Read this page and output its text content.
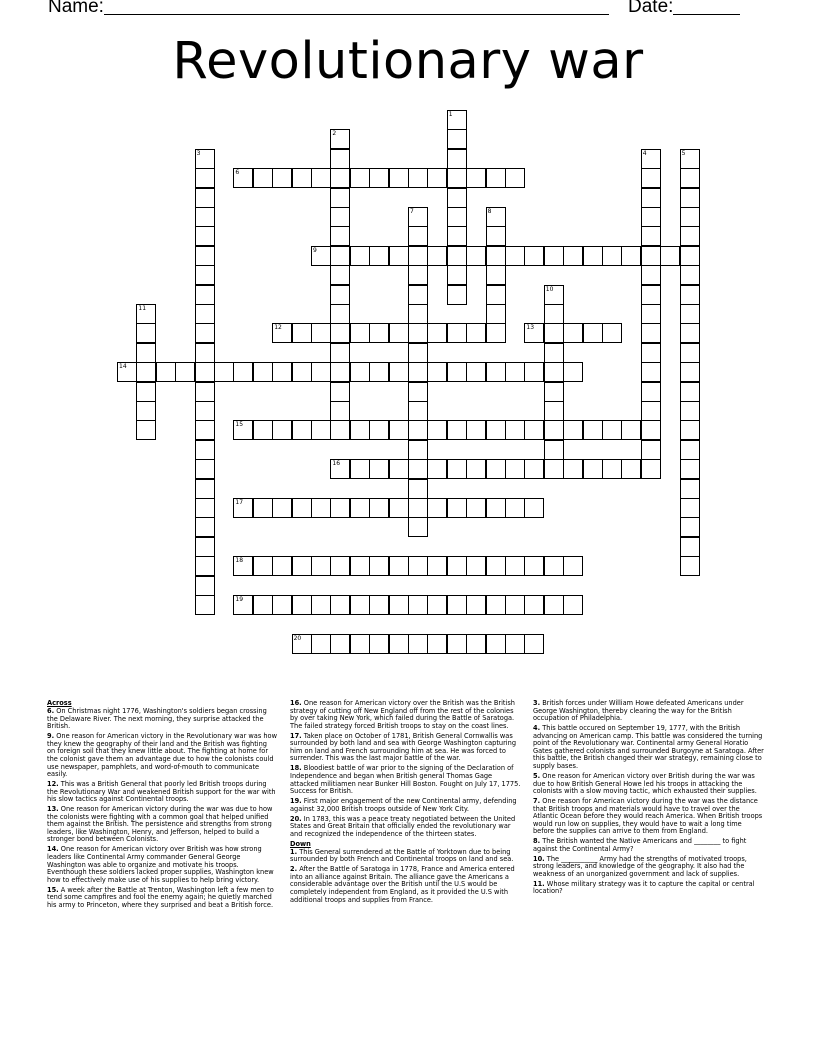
Name:	Date:
Revolutionary war
6
9
12	13
14
15
16
17
18
19
20
1
2
3	4	5
7	8
10
11
Across

6. On Christmas night 1776, Washington's soldiers began crossing the Delaware River. The next morning, they surprise attacked the British.

9. One reason for American victory in the Revolutionary war was how they knew the geography of their land and the British was fighting on foreign soil that they knew little about. The fighting at home for the colonist gave them an advantage due to how the colonists could use newspaper, pamphlets, and word-of-mouth to communicate easily.

12. This was a British General that poorly led British troops during the Revolutionary War and weakened British support for the war with his slow tactics against Continental troops.

13. One reason for American victory during the war was due to how the colonists were fighting with a common goal that helped unified them against the British. The persistence and strengths from strong leaders, like Washington, Henry, and Jefferson, helped to build a stronger bond between Colonists.

14. One reason for American victory over British was how strong leaders like Continental Army commander General George Washington was able to organize and motivate his troops. Eventhough these soldiers lacked proper supplies, Washington knew how to effectively make use of his supplies to help bring victory.

15. A week after the Battle at Trenton, Washington left a few men to tend some campfires and fool the enemy again; he quietly marched his army to Princeton, where they surprised and beat a British force.

16. One reason for American victory over the British was the British strategy of cutting off New England off from the rest of the colonies by over taking New York, which failed during the Battle of Saratoga. The failed strategy forced British troops to stay on the coast lines.

17. Taken place on October of 1781, British General Cornwallis was surrounded by both land and sea with George Washington capturing him on land and French surrounding him at sea. He was forced to surrender. This was the last major battle of the war.

18. Bloodiest battle of war prior to the signing of the Declaration of Independence and began when British general Thomas Gage attacked militiamen near Bunker Hill Boston. Fought on July 17, 1775. Success for British.

19. First major engagement of the new Continental army, defending against 32,000 British troops outside of New York City.

20. In 1783, this was a peace treaty negotiated between the United States and Great Britain that officially ended the revolutionary war and recognized the independence of the thirteen states.

Down

1. This General surrendered at the Battle of Yorktown due to being surrounded by both French and Continental troops on land and sea.

2. After the Battle of Saratoga in 1778, France and America entered into an alliance against Britain. The alliance gave the Americans a considerable advantage over the British until the U.S would be completely independent from England, as it provided the U.S with additional troops and supplies from France.

3. British forces under William Howe defeated Americans under George Washington, thereby clearing the way for the British occupation of Philadelphia.

4. This battle occured on September 19, 1777, with the British advancing on American camp. This battle was considered the turning point of the Revolutionary war. Continental army General Horatio Gates gathered colonists and surrounded Burgoyne at Saratoga. After this battle, the British changed their war strategy, remaining close to supply bases.

5. One reason for American victory over British during the war was due to how British General Howe led his troops in attacking the colonists with a slow moving tactic, which exhausted their supplies.

7. One reason for American victory during the war was the distance that British troops and materials would have to travel over the Atlantic Ocean before they would reach America. When British troops would run low on supplies, they would have to wait a long time before the supplies can arrive to them from England.

8. The British wanted the Native Americans and ________ to fight against the Continental Army?

10. The ___________ Army had the strengths of motivated troops, strong leaders, and knowledge of the geography. It also had the weakness of an unorganized government and lack of supplies.

11. Whose military strategy was it to capture the capital or central location?
